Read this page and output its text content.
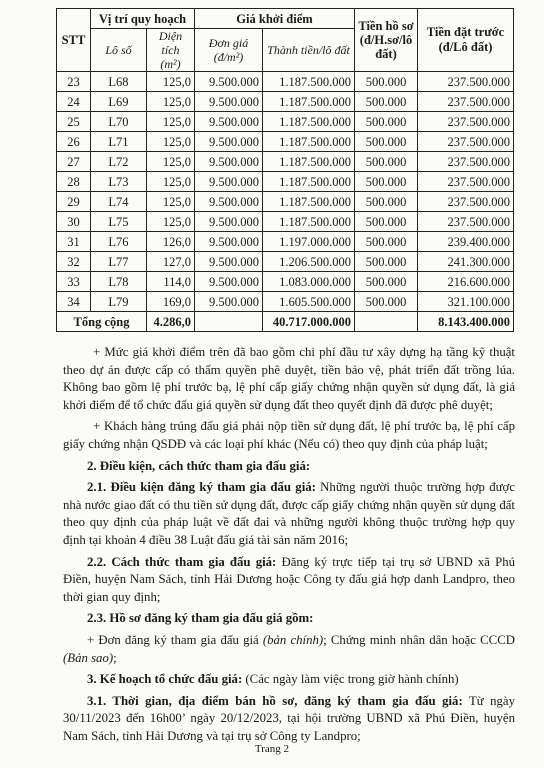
STT	Vị trí quy hoạch		Giá khởi điểm		Tiền hồ sơ (đ/H.sơ/lô đất)	Tiền đặt trước (đ/Lô đất)
	Lô số	Diện tích (m²)	Đơn giá (đ/m²)	Thành tiền/lô đất		
23	L68	125,0	9.500.000	1.187.500.000	500.000	237.500.000
24	L69	125,0	9.500.000	1.187.500.000	500.000	237.500.000
25	L70	125,0	9.500.000	1.187.500.000	500.000	237.500.000
26	L71	125,0	9.500.000	1.187.500.000	500.000	237.500.000
27	L72	125,0	9.500.000	1.187.500.000	500.000	237.500.000
28	L73	125,0	9.500.000	1.187.500.000	500.000	237.500.000
29	L74	125,0	9.500.000	1.187.500.000	500.000	237.500.000
30	L75	125,0	9.500.000	1.187.500.000	500.000	237.500.000
31	L76	126,0	9.500.000	1.197.000.000	500.000	239.400.000
32	L77	127,0	9.500.000	1.206.500.000	500.000	241.300.000
33	L78	114,0	9.500.000	1.083.000.000	500.000	216.600.000
34	L79	169,0	9.500.000	1.605.500.000	500.000	321.100.000
Tổng cộng		4.286,0		40.717.000.000		8.143.400.000

+ Mức giá khởi điểm trên đã bao gồm chi phí đầu tư xây dựng hạ tầng kỹ thuật theo dự án được cấp có thẩm quyền phê duyệt, tiền bảo vệ, phát triển đất trồng lúa. Không bao gồm lệ phí trước bạ, lệ phí cấp giấy chứng nhận quyền sử dụng đất, là giá khởi điểm để tổ chức đấu giá quyền sử dụng đất theo quyết định đã được phê duyệt;

+ Khách hàng trúng đấu giá phải nộp tiền sử dụng đất, lệ phí trước bạ, lệ phí cấp giấy chứng nhận QSDĐ và các loại phí khác (Nếu có) theo quy định của pháp luật;

2. Điều kiện, cách thức tham gia đấu giá:

2.1. Điều kiện đăng ký tham gia đấu giá: Những người thuộc trường hợp được nhà nước giao đất có thu tiền sử dụng đất, được cấp giấy chứng nhận quyền sử dụng đất theo quy định của pháp luật về đất đai và những người không thuộc trường hợp quy định tại khoản 4 điều 38 Luật đấu giá tài sản năm 2016;

2.2. Cách thức tham gia đấu giá: Đăng ký trực tiếp tại trụ sở UBND xã Phú Điền, huyện Nam Sách, tỉnh Hải Dương hoặc Công ty đấu giá hợp danh Landpro, theo thời gian quy định;

2.3. Hồ sơ đăng ký tham gia đấu giá gồm:

+ Đơn đăng ký tham gia đấu giá (bản chính); Chứng minh nhân dân hoặc CCCD (Bản sao);

3. Kế hoạch tổ chức đấu giá: (Các ngày làm việc trong giờ hành chính)

3.1. Thời gian, địa điểm bán hồ sơ, đăng ký tham gia đấu giá: Từ ngày 30/11/2023 đến 16h00’ ngày 20/12/2023, tại hội trường UBND xã Phú Điền, huyện Nam Sách, tỉnh Hải Dương và tại trụ sở Công ty Landpro;

Trang 2
